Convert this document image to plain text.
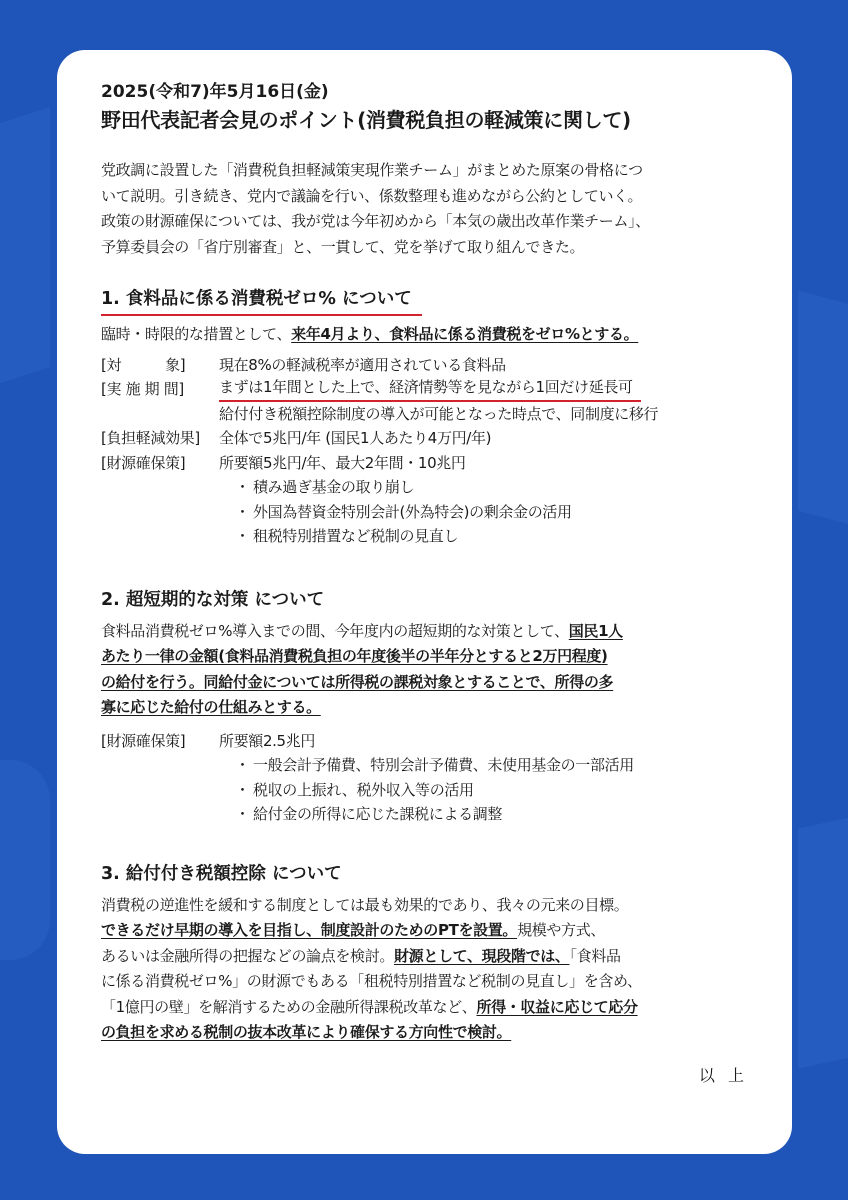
2025(令和7)年5月16日(金)
野田代表記者会見のポイント(消費税負担の軽減策に関して)

党政調に設置した「消費税負担軽減策実現作業チーム」がまとめた原案の骨格につ

いて説明。引き続き、党内で議論を行い、係数整理も進めながら公約としていく。

政策の財源確保については、我が党は今年初めから「本気の歳出改革作業チーム」、

予算委員会の「省庁別審査」と、一貫して、党を挙げて取り組んできた。

1. 食料品に係る消費税ゼロ% について

臨時・時限的な措置として、来年4月より、食料品に係る消費税をゼロ%とする。

[対　　　象]	現在8%の軽減税率が適用されている食料品
[実 施 期 間]	まずは1年間とした上で、経済情勢等を見ながら1回だけ延長可
給付付き税額控除制度の導入が可能となった時点で、同制度に移行
[負担軽減効果]	全体で5兆円/年 (国民1人あたり4万円/年)
[財源確保策]	所要額5兆円/年、最大2年間・10兆円
・ 積み過ぎ基金の取り崩し
・ 外国為替資金特別会計(外為特会)の剰余金の活用
・ 租税特別措置など税制の見直し
2. 超短期的な対策 について

食料品消費税ゼロ%導入までの間、今年度内の超短期的な対策として、国民1人

あたり一律の金額(食料品消費税負担の年度後半の半年分とすると2万円程度)

の給付を行う。同給付金については所得税の課税対象とすることで、所得の多

寡に応じた給付の仕組みとする。

[財源確保策]	所要額2.5兆円
・ 一般会計予備費、特別会計予備費、未使用基金の一部活用
・ 税収の上振れ、税外収入等の活用
・ 給付金の所得に応じた課税による調整
3. 給付付き税額控除 について

消費税の逆進性を緩和する制度としては最も効果的であり、我々の元来の目標。

できるだけ早期の導入を目指し、制度設計のためのPTを設置。規模や方式、

あるいは金融所得の把握などの論点を検討。財源として、現段階では、「食料品

に係る消費税ゼロ%」の財源でもある「租税特別措置など税制の見直し」を含め、

「1億円の壁」を解消するための金融所得課税改革など、所得・収益に応じて応分

の負担を求める税制の抜本改革により確保する方向性で検討。

以 上
